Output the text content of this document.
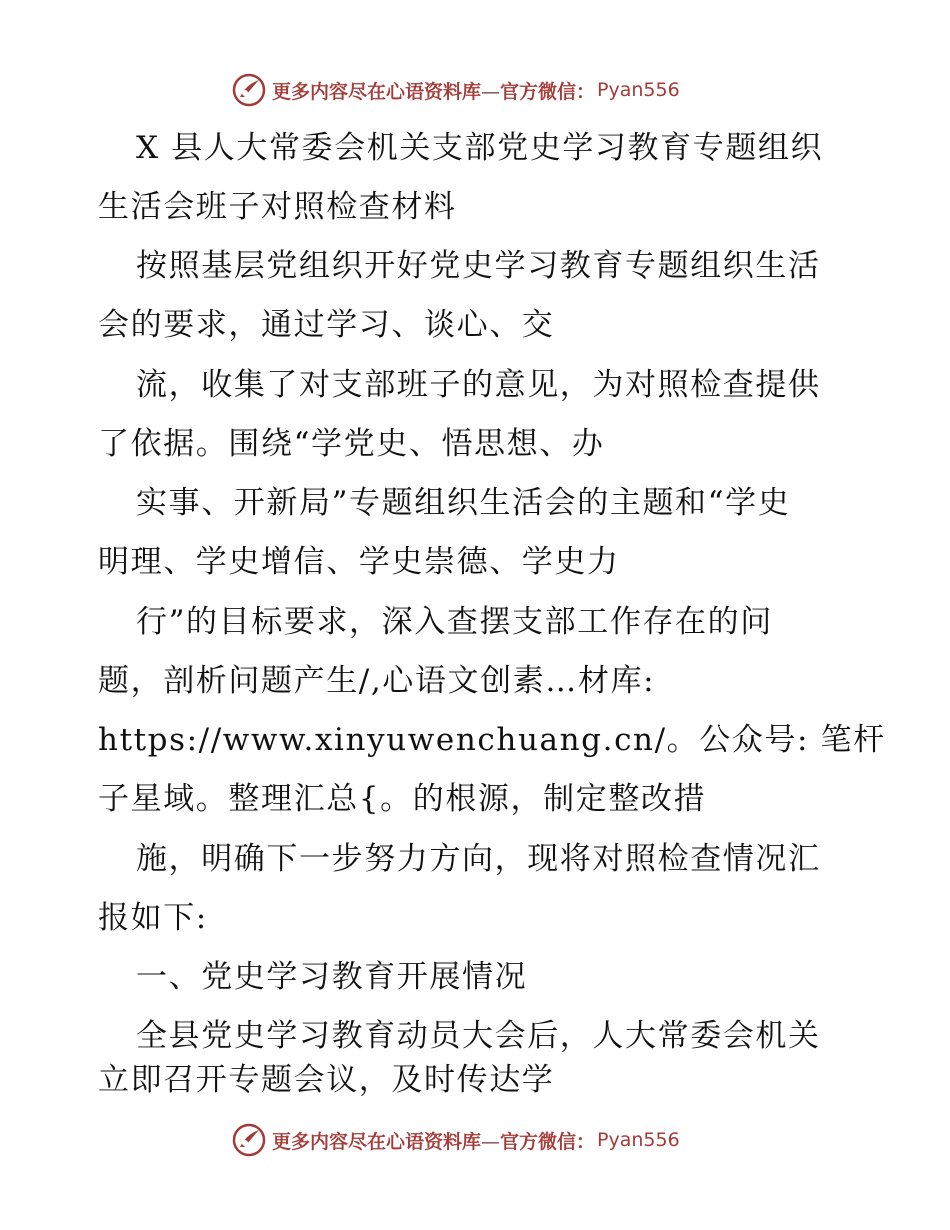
更多内容尽在心语资料库—官方微信： Pyan556
X 县人大常委会机关支部党史学习教育专题组织
生活会班子对照检查材料
按照基层党组织开好党史学习教育专题组织生活
会的要求，通过学习、谈心、交
流，收集了对支部班子的意见，为对照检查提供
了依据。围绕“学党史、悟思想、办
实事、开新局”专题组织生活会的主题和“学史
明理、学史增信、学史崇德、学史力
行”的目标要求，深入查摆支部工作存在的问
题，剖析问题产生/,心语文创素…材库:
https://www.xinyuwenchuang.cn/。公众号: 笔杆
子星域。整理汇总{。的根源，制定整改措
施，明确下一步努力方向，现将对照检查情况汇
报如下:
一、党史学习教育开展情况
全县党史学习教育动员大会后，人大常委会机关
立即召开专题会议，及时传达学
更多内容尽在心语资料库—官方微信： Pyan556
